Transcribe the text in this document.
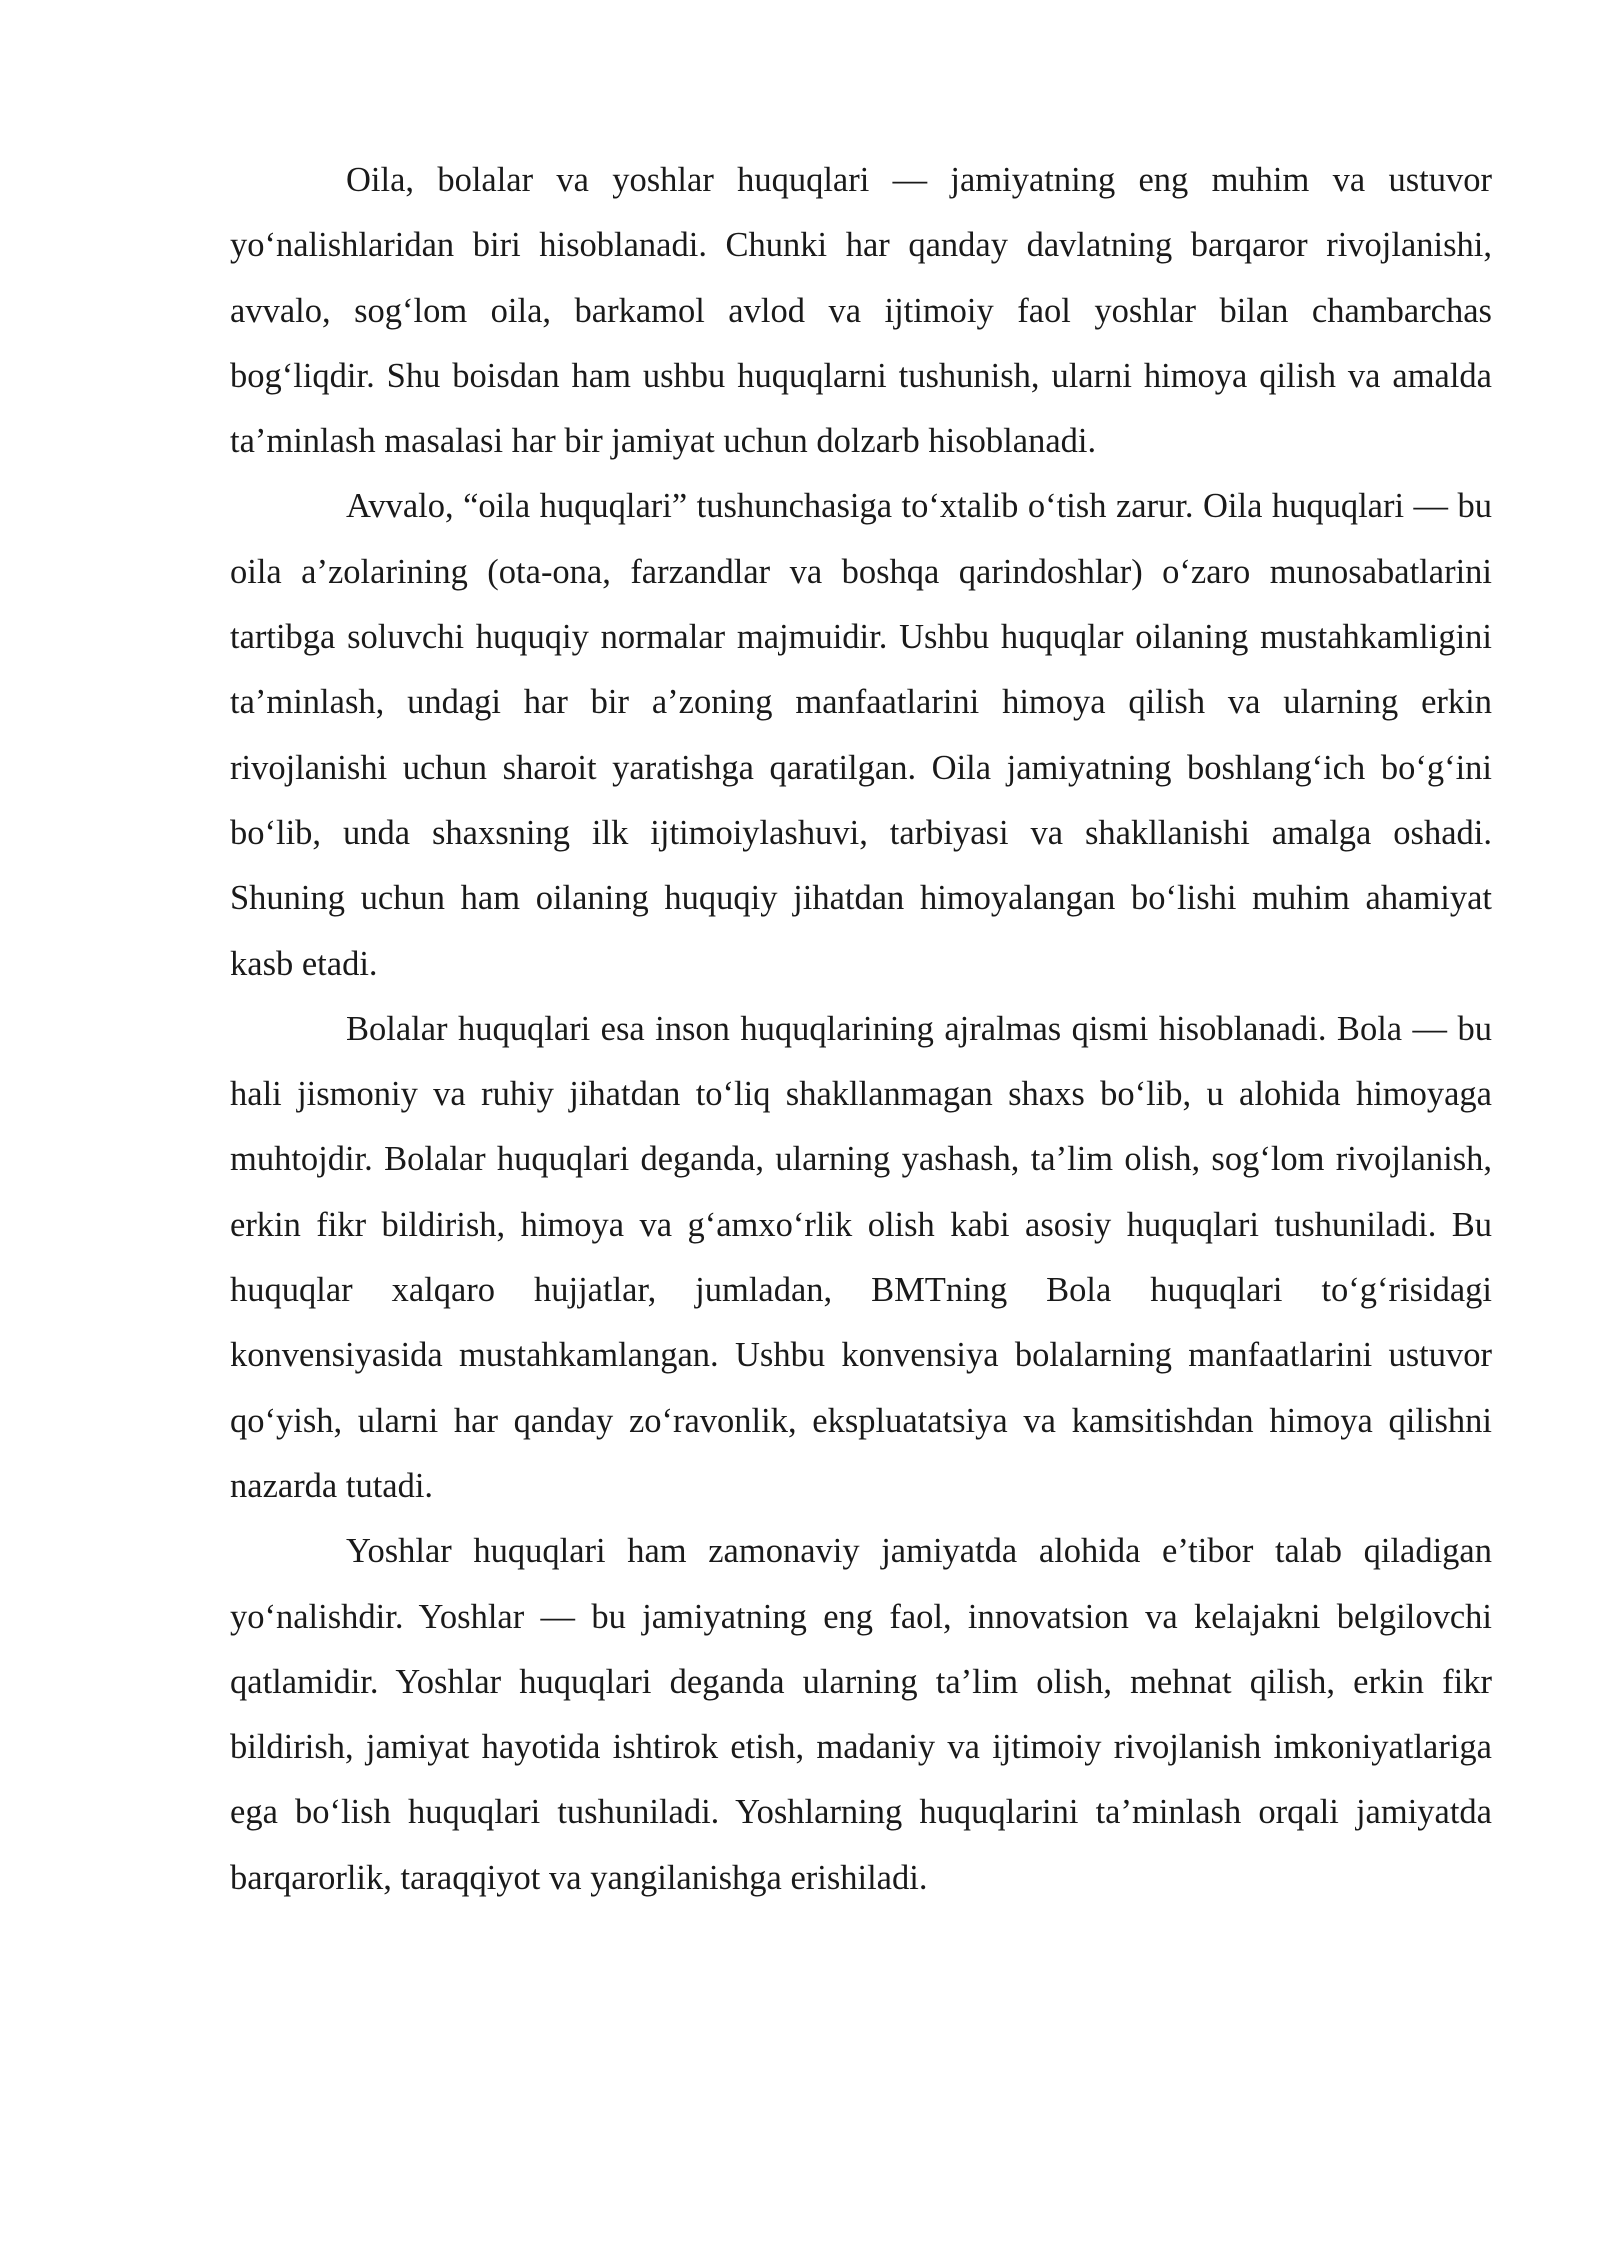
Oila, bolalar va yoshlar huquqlari — jamiyatning eng muhim va ustuvor yo‘nalishlaridan biri hisoblanadi. Chunki har qanday davlatning barqaror rivojlanishi, avvalo, sog‘lom oila, barkamol avlod va ijtimoiy faol yoshlar bilan chambarchas bog‘liqdir. Shu boisdan ham ushbu huquqlarni tushunish, ularni himoya qilish va amalda ta’minlash masalasi har bir jamiyat uchun dolzarb hisoblanadi.

Avvalo, “oila huquqlari” tushunchasiga to‘xtalib o‘tish zarur. Oila huquqlari — bu oila a’zolarining (ota-ona, farzandlar va boshqa qarindoshlar) o‘zaro munosabatlarini tartibga soluvchi huquqiy normalar majmuidir. Ushbu huquqlar oilaning mustahkamligini ta’minlash, undagi har bir a’zoning manfaatlarini himoya qilish va ularning erkin rivojlanishi uchun sharoit yaratishga qaratilgan. Oila jamiyatning boshlang‘ich bo‘g‘ini bo‘lib, unda shaxsning ilk ijtimoiylashuvi, tarbiyasi va shakllanishi amalga oshadi. Shuning uchun ham oilaning huquqiy jihatdan himoyalangan bo‘lishi muhim ahamiyat kasb etadi.

Bolalar huquqlari esa inson huquqlarining ajralmas qismi hisoblanadi. Bola — bu hali jismoniy va ruhiy jihatdan to‘liq shakllanmagan shaxs bo‘lib, u alohida himoyaga muhtojdir. Bolalar huquqlari deganda, ularning yashash, ta’lim olish, sog‘lom rivojlanish, erkin fikr bildirish, himoya va g‘amxo‘rlik olish kabi asosiy huquqlari tushuniladi. Bu huquqlar xalqaro hujjatlar, jumladan, BMTning Bola huquqlari to‘g‘risidagi konvensiyasida mustahkamlangan. Ushbu konvensiya bolalarning manfaatlarini ustuvor qo‘yish, ularni har qanday zo‘ravonlik, ekspluatatsiya va kamsitishdan himoya qilishni nazarda tutadi.

Yoshlar huquqlari ham zamonaviy jamiyatda alohida e’tibor talab qiladigan yo‘nalishdir. Yoshlar — bu jamiyatning eng faol, innovatsion va kelajakni belgilovchi qatlamidir. Yoshlar huquqlari deganda ularning ta’lim olish, mehnat qilish, erkin fikr bildirish, jamiyat hayotida ishtirok etish, madaniy va ijtimoiy rivojlanish imkoniyatlariga ega bo‘lish huquqlari tushuniladi. Yoshlarning huquqlarini ta’minlash orqali jamiyatda barqarorlik, taraqqiyot va yangilanishga erishiladi.
